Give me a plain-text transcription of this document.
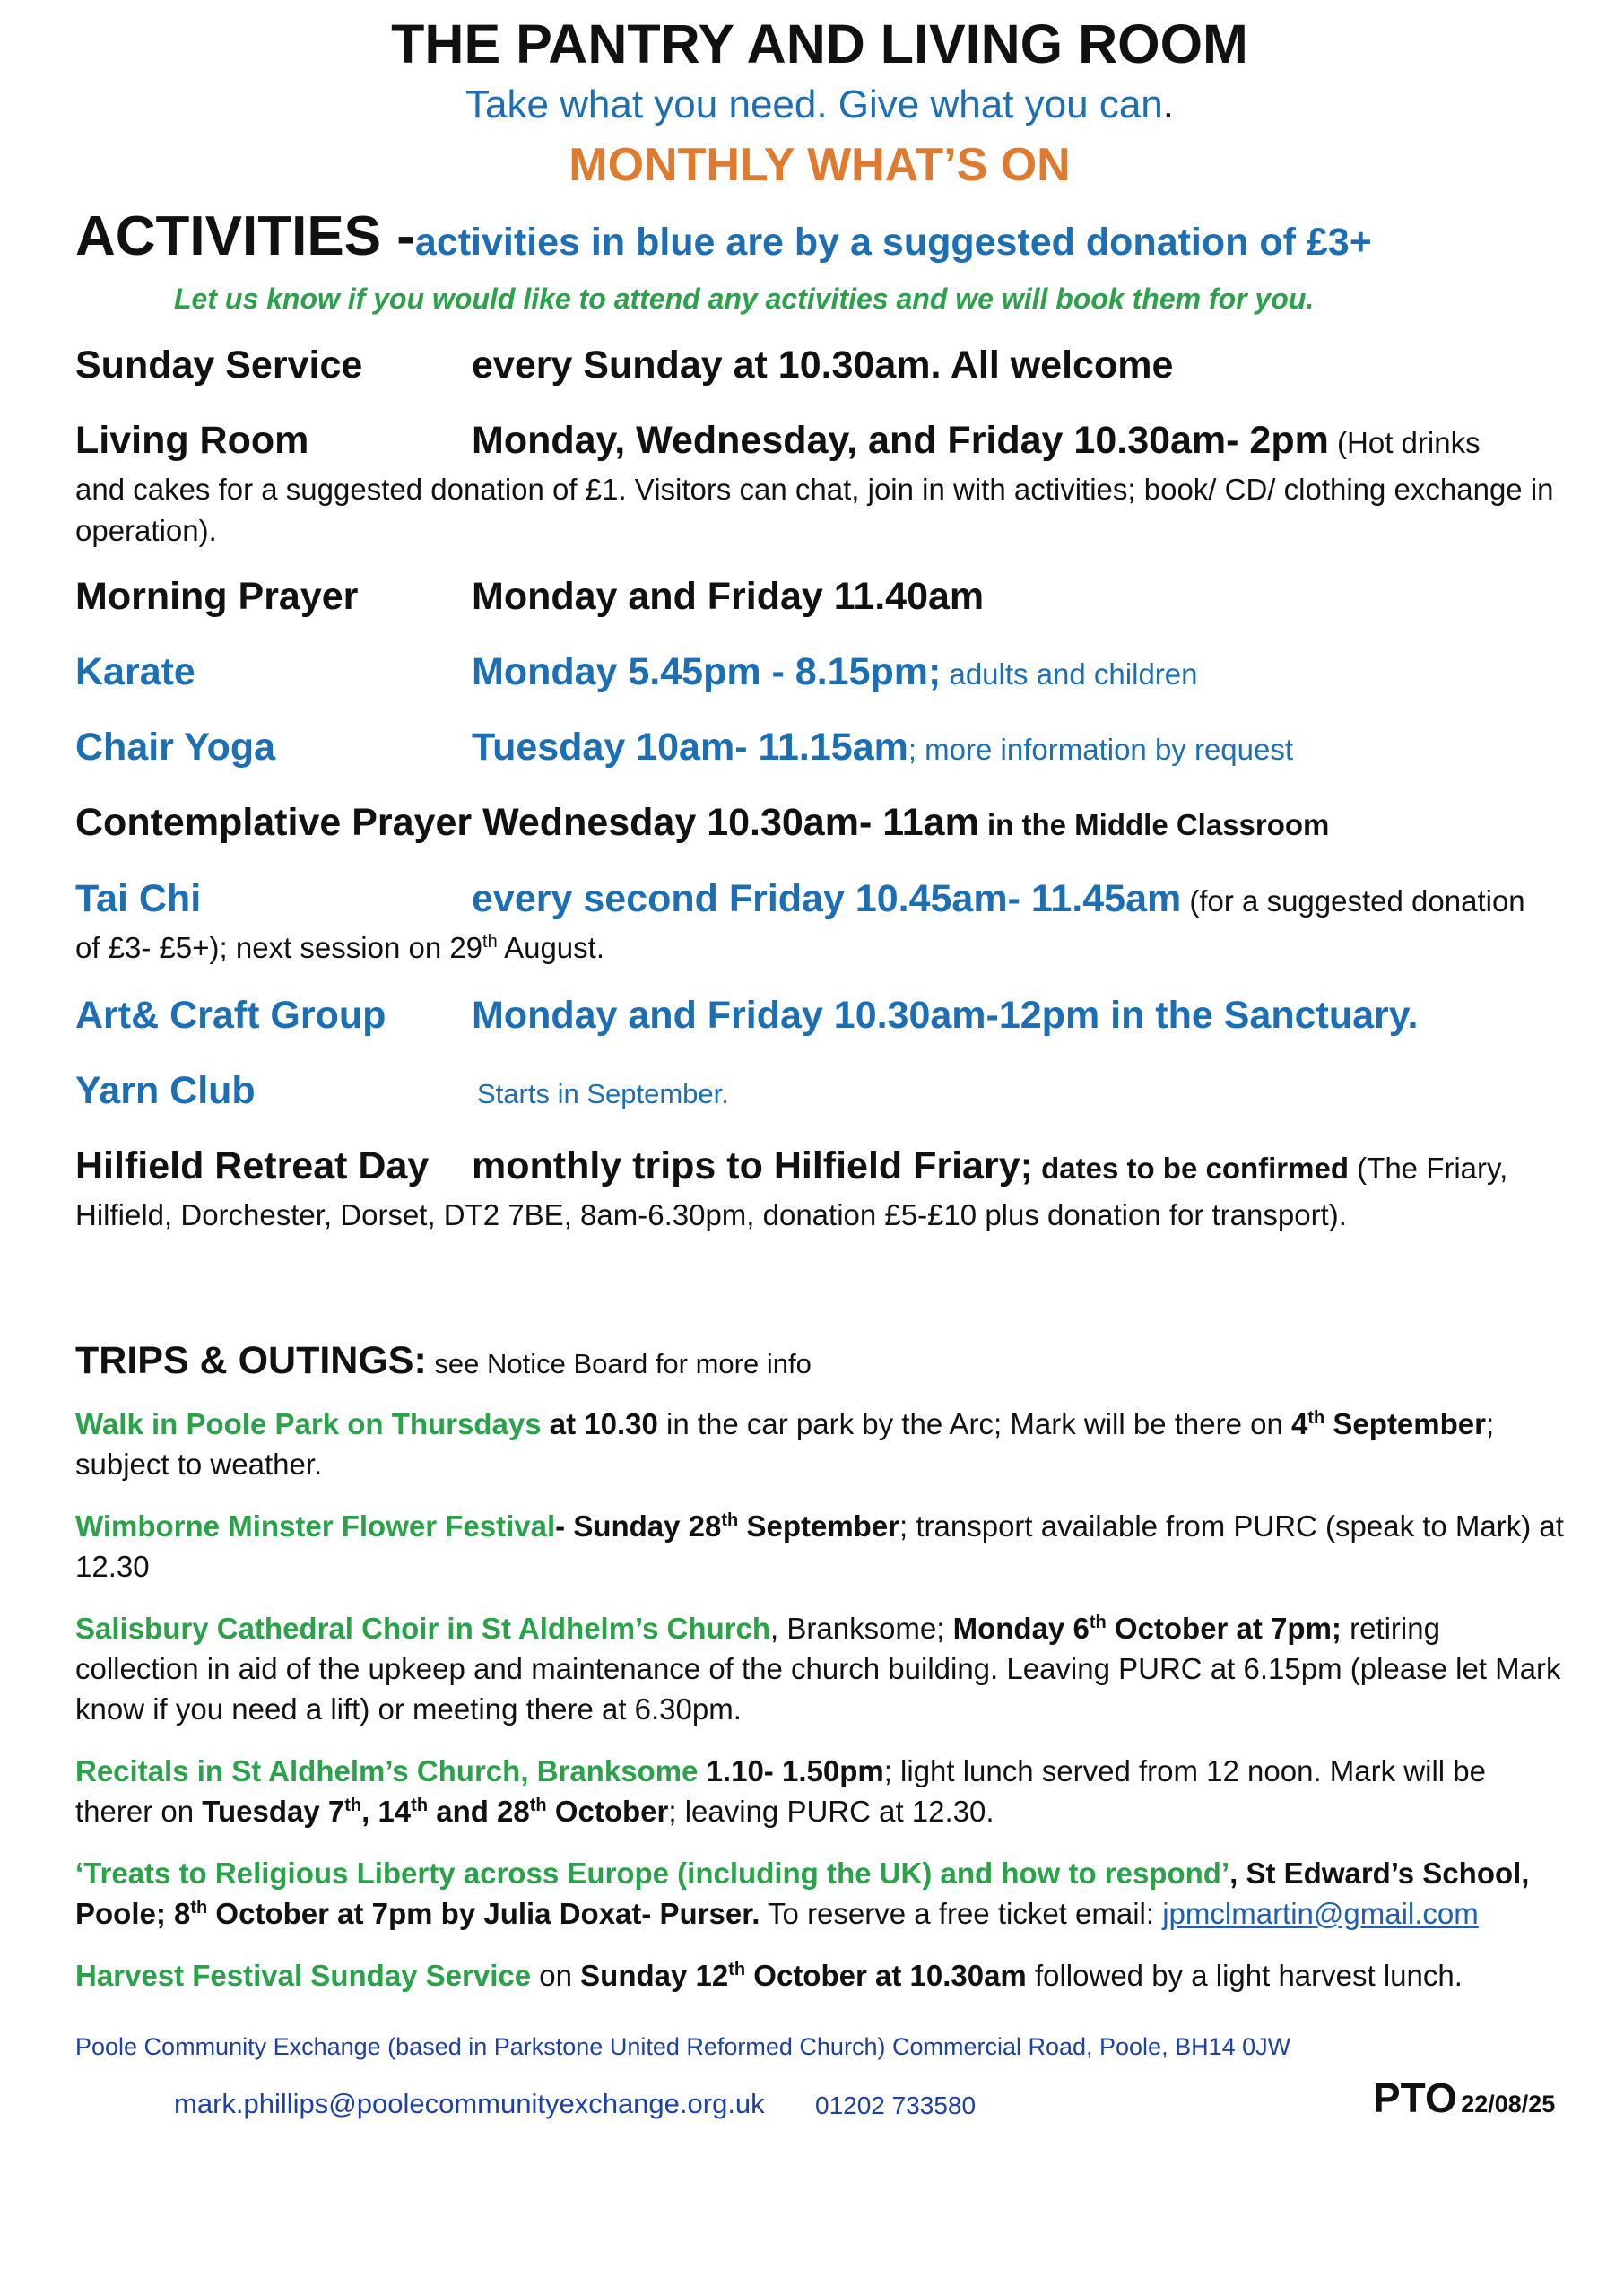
THE PANTRY AND LIVING ROOM
Take what you need. Give what you can.
MONTHLY WHAT’S ON
ACTIVITIES -activities in blue are by a suggested donation of £3+
Let us know if you would like to attend any activities and we will book them for you.
Sunday Service	every Sunday at 10.30am. All welcome
Living Room	Monday, Wednesday, and Friday 10.30am- 2pm (Hot drinks
and cakes for a suggested donation of £1. Visitors can chat, join in with activities; book/ CD/ clothing exchange in operation).
Morning Prayer	Monday and Friday 11.40am
Karate	Monday 5.45pm - 8.15pm; adults and children
Chair Yoga	Tuesday 10am- 11.15am; more information by request
Contemplative Prayer Wednesday 10.30am- 11am in the Middle Classroom
Tai Chi	every second Friday 10.45am- 11.45am (for a suggested donation
of £3- £5+); next session on 29th August.
Art& Craft Group Monday and Friday 10.30am-12pm in the Sanctuary.
Yarn Club	Starts in September.
Hilfield Retreat Day monthly trips to Hilfield Friary; dates to be confirmed (The Friary,
Hilfield, Dorchester, Dorset, DT2 7BE, 8am-6.30pm, donation £5-£10 plus donation for transport).
TRIPS & OUTINGS: see Notice Board for more info
Walk in Poole Park on Thursdays at 10.30 in the car park by the Arc; Mark will be there on 4th September; subject to weather.
Wimborne Minster Flower Festival- Sunday 28th September; transport available from PURC (speak to Mark) at 12.30
Salisbury Cathedral Choir in St Aldhelm’s Church, Branksome; Monday 6th October at 7pm; retiring collection in aid of the upkeep and maintenance of the church building. Leaving PURC at 6.15pm (please let Mark know if you need a lift) or meeting there at 6.30pm.
Recitals in St Aldhelm’s Church, Branksome 1.10- 1.50pm; light lunch served from 12 noon. Mark will be therer on Tuesday 7th, 14th and 28th October; leaving PURC at 12.30.
‘Treats to Religious Liberty across Europe (including the UK) and how to respond’, St Edward’s School, Poole; 8th October at 7pm by Julia Doxat- Purser. To reserve a free ticket email: jpmclmartin@gmail.com
Harvest Festival Sunday Service on Sunday 12th October at 10.30am followed by a light harvest lunch.
Poole Community Exchange (based in Parkstone United Reformed Church) Commercial Road, Poole, BH14 0JW
mark.phillips@poolecommunityexchange.org.uk 01202 733580	PTO 22/08/25
